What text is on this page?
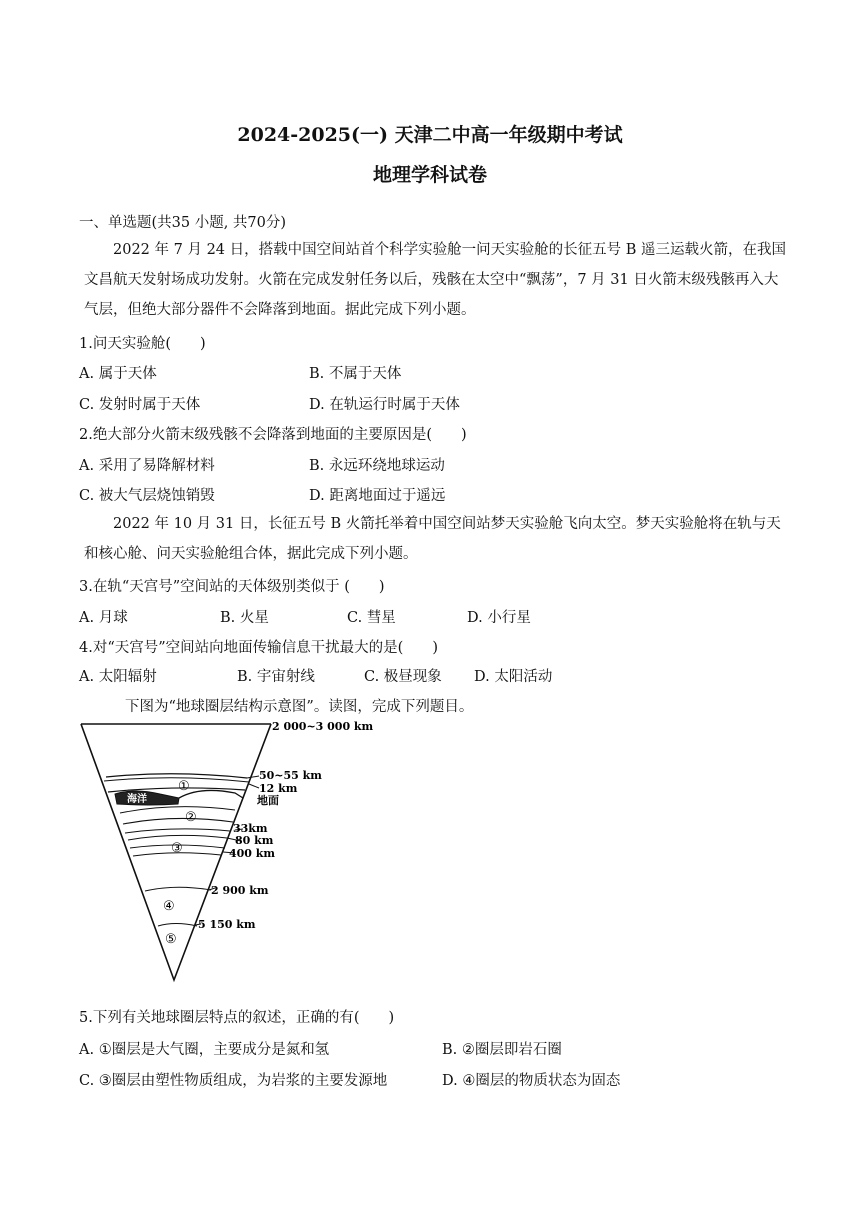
2024-2025(一) 天津二中高一年级期中考试
地理学科试卷
一、单选题(共35 小题, 共70分)
2022 年 7 月 24 日，搭载中国空间站首个科学实验舱一问天实验舱的长征五号 B 遥三运载火箭，在我国文昌航天发射场成功发射。火箭在完成发射任务以后，残骸在太空中“飘荡”，7 月 31 日火箭末级残骸再入大气层，但绝大部分器件不会降落到地面。据此完成下列小题。
1.问天实验舱(　　)
A. 属于天体	B. 不属于天体
C. 发射时属于天体	D. 在轨运行时属于天体
2.绝大部分火箭末级残骸不会降落到地面的主要原因是(　　)
A. 采用了易降解材料	B. 永远环绕地球运动
C. 被大气层烧蚀销毁	D. 距离地面过于遥远
2022 年 10 月 31 日，长征五号 B 火箭托举着中国空间站梦天实验舱飞向太空。梦天实验舱将在轨与天和核心舱、问天实验舱组合体，据此完成下列小题。
3.在轨“天宫号”空间站的天体级别类似于 (　　)
A. 月球	B. 火星	C. 彗星	D. 小行星
4.对“天宫号”空间站向地面传输信息干扰最大的是(　　)
A. 太阳辐射	B. 宇宙射线	C. 极昼现象 D. 太阳活动
下图为“地球圈层结构示意图”。读图，完成下列题目。
2 000~3 000 km
50~55 km
12 km
地面
33km
80 km
400 km
2 900 km
5 150 km
海洋
①
②
③
④
⑤
5.下列有关地球圈层特点的叙述，正确的有(　　)
A. ①圈层是大气圈，主要成分是氮和氢	B. ②圈层即岩石圈
C. ③圈层由塑性物质组成，为岩浆的主要发源地	D. ④圈层的物质状态为固态
